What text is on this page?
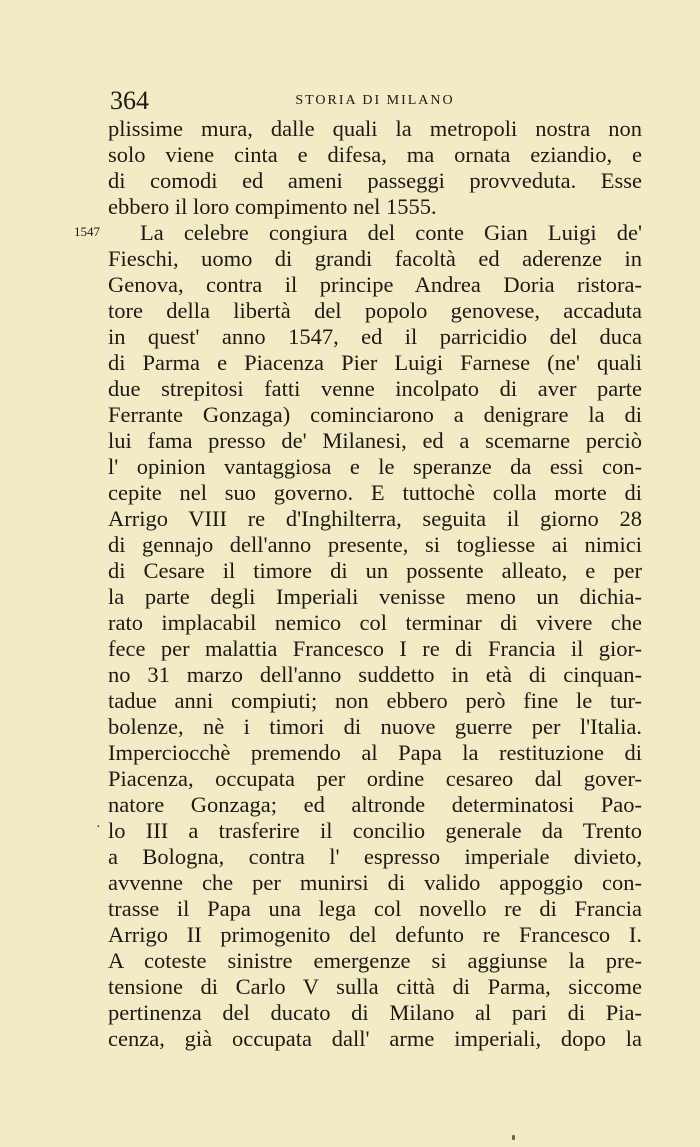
364	STORIA DI MILANO
1547
·
plissime mura, dalle quali la metropoli nostra non
solo viene cinta e difesa, ma ornata eziandio, e
di comodi ed ameni passeggi provveduta. Esse
ebbero il loro compimento nel 1555.
La celebre congiura del conte Gian Luigi de'
Fieschi, uomo di grandi facoltà ed aderenze in
Genova, contra il principe Andrea Doria ristora-
tore della libertà del popolo genovese, accaduta
in quest' anno 1547, ed il parricidio del duca
di Parma e Piacenza Pier Luigi Farnese (ne' quali
due strepitosi fatti venne incolpato di aver parte
Ferrante Gonzaga) cominciarono a denigrare la di
lui fama presso de' Milanesi, ed a scemarne perciò
l' opinion vantaggiosa e le speranze da essi con-
cepite nel suo governo. E tuttochè colla morte di
Arrigo VIII re d'Inghilterra, seguita il giorno 28
di gennajo dell'anno presente, si togliesse ai nimici
di Cesare il timore di un possente alleato, e per
la parte degli Imperiali venisse meno un dichia-
rato implacabil nemico col terminar di vivere che
fece per malattia Francesco I re di Francia il gior-
no 31 marzo dell'anno suddetto in età di cinquan-
tadue anni compiuti; non ebbero però fine le tur-
bolenze, nè i timori di nuove guerre per l'Italia.
Imperciocchè premendo al Papa la restituzione di
Piacenza, occupata per ordine cesareo dal gover-
natore Gonzaga; ed altronde determinatosi Pao-
lo III a trasferire il concilio generale da Trento
a Bologna, contra l' espresso imperiale divieto,
avvenne che per munirsi di valido appoggio con-
trasse il Papa una lega col novello re di Francia
Arrigo II primogenito del defunto re Francesco I.
A coteste sinistre emergenze si aggiunse la pre-
tensione di Carlo V sulla città di Parma, siccome
pertinenza del ducato di Milano al pari di Pia-
cenza, già occupata dall' arme imperiali, dopo la
